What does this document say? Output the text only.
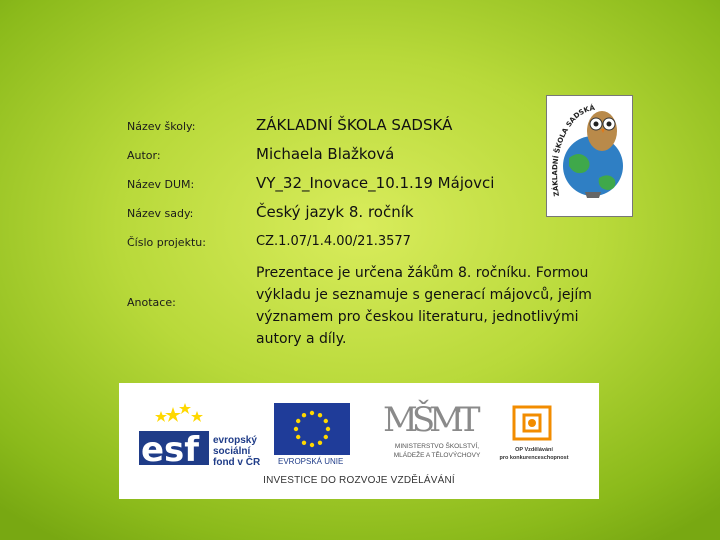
Název školy:	ZÁKLADNÍ ŠKOLA SADSKÁ
Autor:	Michaela Blažková
Název DUM:	VY_32_Inovace_10.1.19 Májovci
Název sady:	Český jazyk 8. ročník
Číslo projektu:	CZ.1.07/1.4.00/21.3577
Anotace:
Prezentace je určena žákům 8. ročníku. Formou výkladu je seznamuje s generací májovců, jejím významem pro českou literaturu, jednotlivými autory a díly.
ZÁKLADNÍ ŠKOLA SADSKÁ
esf evropský
sociální
fond v ČR EVROPSKÁ UNIE
MŠMT
MINISTERSTVO ŠKOLSTVÍ,
MLÁDEŽE A TĚLOVÝCHOVY
OP Vzdělávání
pro konkurenceschopnost
INVESTICE DO ROZVOJE VZDĚLÁVÁNÍ
